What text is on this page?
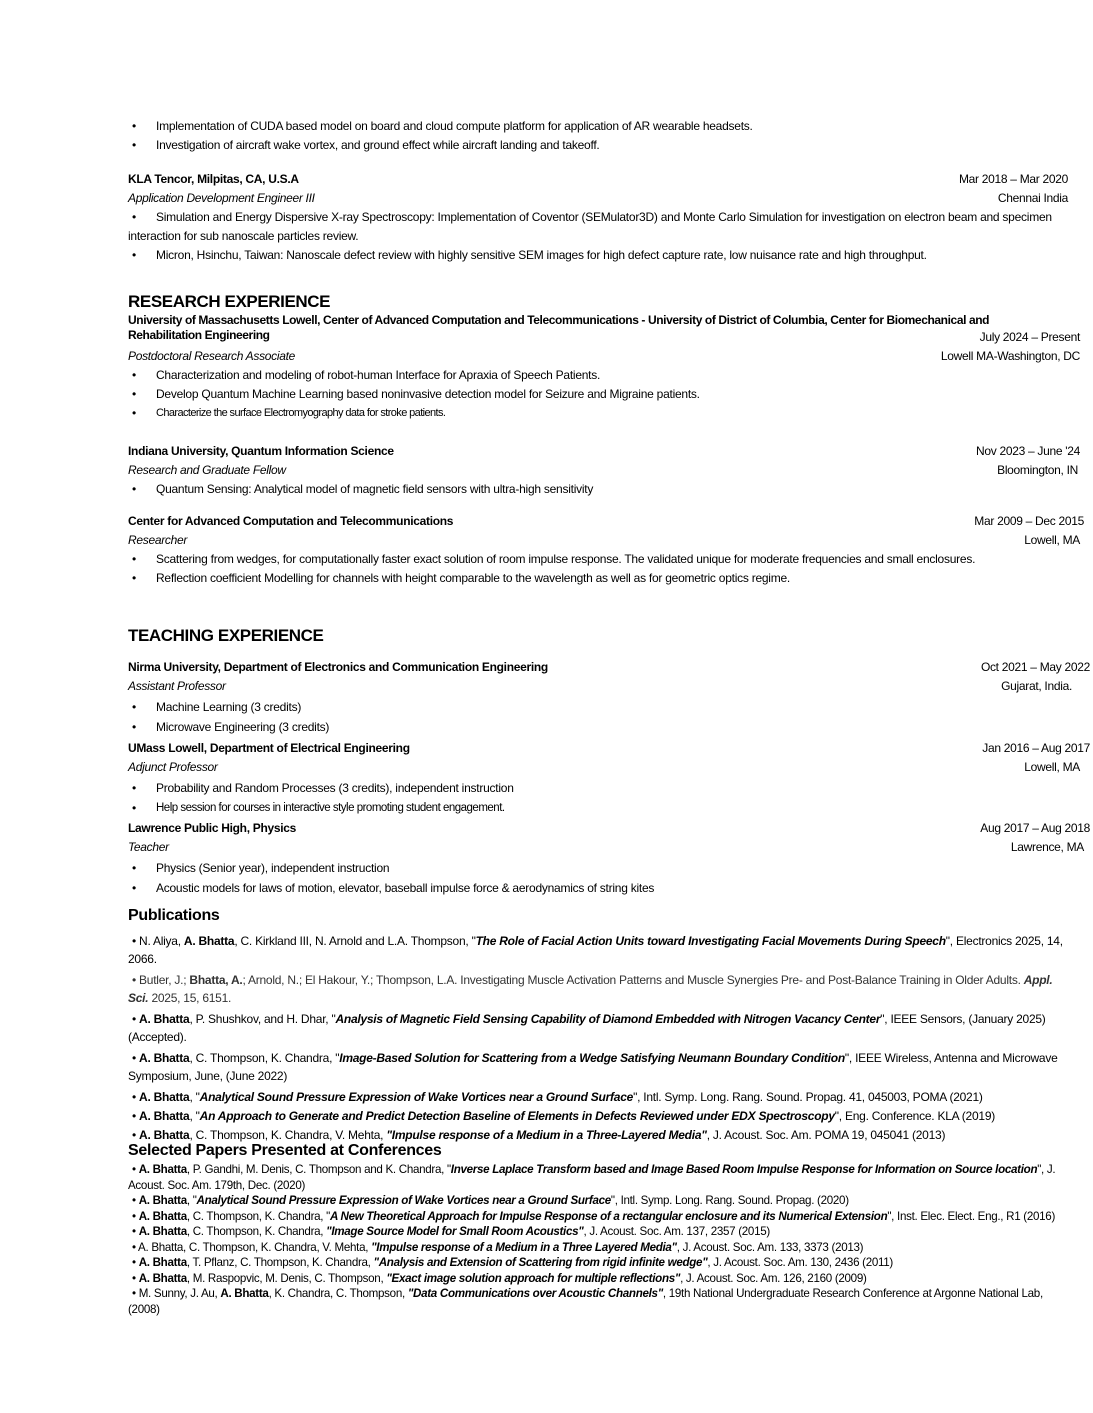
• Implementation of CUDA based model on board and cloud compute platform for application of AR wearable headsets.
• Investigation of aircraft wake vortex, and ground effect while aircraft landing and takeoff.
KLA Tencor, Milpitas, CA, U.S.A	Mar 2018 – Mar 2020
Application Development Engineer III	Chennai India
• Simulation and Energy Dispersive X-ray Spectroscopy: Implementation of Coventor (SEMulator3D) and Monte Carlo Simulation for investigation on electron beam and specimen interaction for sub nanoscale particles review.
• Micron, Hsinchu, Taiwan: Nanoscale defect review with highly sensitive SEM images for high defect capture rate, low nuisance rate and high throughput.
RESEARCH EXPERIENCE
University of Massachusetts Lowell, Center of Advanced Computation and Telecommunications - University of District of Columbia, Center for Biomechanical and Rehabilitation Engineering	July 2024 – Present
Postdoctoral Research Associate	Lowell MA-Washington, DC
• Characterization and modeling of robot-human Interface for Apraxia of Speech Patients.
• Develop Quantum Machine Learning based noninvasive detection model for Seizure and Migraine patients.
• Characterize the surface Electromyography data for stroke patients.
Indiana University, Quantum Information Science	Nov 2023 – June '24
Research and Graduate Fellow	Bloomington, IN
• Quantum Sensing: Analytical model of magnetic field sensors with ultra-high sensitivity
Center for Advanced Computation and Telecommunications	Mar 2009 – Dec 2015
Researcher	Lowell, MA
• Scattering from wedges, for computationally faster exact solution of room impulse response. The validated unique for moderate frequencies and small enclosures.
• Reflection coefficient Modelling for channels with height comparable to the wavelength as well as for geometric optics regime.
TEACHING EXPERIENCE
Nirma University, Department of Electronics and Communication Engineering	Oct 2021 – May 2022
Assistant Professor	Gujarat, India.
• Machine Learning (3 credits)
• Microwave Engineering (3 credits)
UMass Lowell, Department of Electrical Engineering	Jan 2016 – Aug 2017
Adjunct Professor	Lowell, MA
• Probability and Random Processes (3 credits), independent instruction
• Help session for courses in interactive style promoting student engagement.
Lawrence Public High, Physics	Aug 2017 – Aug 2018
Teacher	Lawrence, MA
• Physics (Senior year), independent instruction
• Acoustic models for laws of motion, elevator, baseball impulse force & aerodynamics of string kites
Publications
• N. Aliya, A. Bhatta, C. Kirkland III, N. Arnold and L.A. Thompson, "The Role of Facial Action Units toward Investigating Facial Movements During Speech", Electronics 2025, 14, 2066.
• Butler, J.; Bhatta, A.; Arnold, N.; El Hakour, Y.; Thompson, L.A. Investigating Muscle Activation Patterns and Muscle Synergies Pre- and Post-Balance Training in Older Adults. Appl. Sci. 2025, 15, 6151.
• A. Bhatta, P. Shushkov, and H. Dhar, "Analysis of Magnetic Field Sensing Capability of Diamond Embedded with Nitrogen Vacancy Center", IEEE Sensors, (January 2025) (Accepted).
• A. Bhatta, C. Thompson, K. Chandra, "Image-Based Solution for Scattering from a Wedge Satisfying Neumann Boundary Condition", IEEE Wireless, Antenna and Microwave Symposium, June, (June 2022)
• A. Bhatta, "Analytical Sound Pressure Expression of Wake Vortices near a Ground Surface", Intl. Symp. Long. Rang. Sound. Propag. 41, 045003, POMA (2021)
• A. Bhatta, "An Approach to Generate and Predict Detection Baseline of Elements in Defects Reviewed under EDX Spectroscopy", Eng. Conference. KLA (2019)
• A. Bhatta, C. Thompson, K. Chandra, V. Mehta, "Impulse response of a Medium in a Three-Layered Media", J. Acoust. Soc. Am. POMA 19, 045041 (2013)
Selected Papers Presented at Conferences
• A. Bhatta, P. Gandhi, M. Denis, C. Thompson and K. Chandra, "Inverse Laplace Transform based and Image Based Room Impulse Response for Information on Source location", J. Acoust. Soc. Am. 179th, Dec. (2020)
• A. Bhatta, "Analytical Sound Pressure Expression of Wake Vortices near a Ground Surface", Intl. Symp. Long. Rang. Sound. Propag. (2020)
• A. Bhatta, C. Thompson, K. Chandra, "A New Theoretical Approach for Impulse Response of a rectangular enclosure and its Numerical Extension", Inst. Elec. Elect. Eng., R1 (2016)
• A. Bhatta, C. Thompson, K. Chandra, "Image Source Model for Small Room Acoustics", J. Acoust. Soc. Am. 137, 2357 (2015)
• A. Bhatta, C. Thompson, K. Chandra, V. Mehta, "Impulse response of a Medium in a Three Layered Media", J. Acoust. Soc. Am. 133, 3373 (2013)
• A. Bhatta, T. Pflanz, C. Thompson, K. Chandra, "Analysis and Extension of Scattering from rigid infinite wedge", J. Acoust. Soc. Am. 130, 2436 (2011)
• A. Bhatta, M. Raspopvic, M. Denis, C. Thompson, "Exact image solution approach for multiple reflections", J. Acoust. Soc. Am. 126, 2160 (2009)
• M. Sunny, J. Au, A. Bhatta, K. Chandra, C. Thompson, "Data Communications over Acoustic Channels", 19th National Undergraduate Research Conference at Argonne National Lab, (2008)
